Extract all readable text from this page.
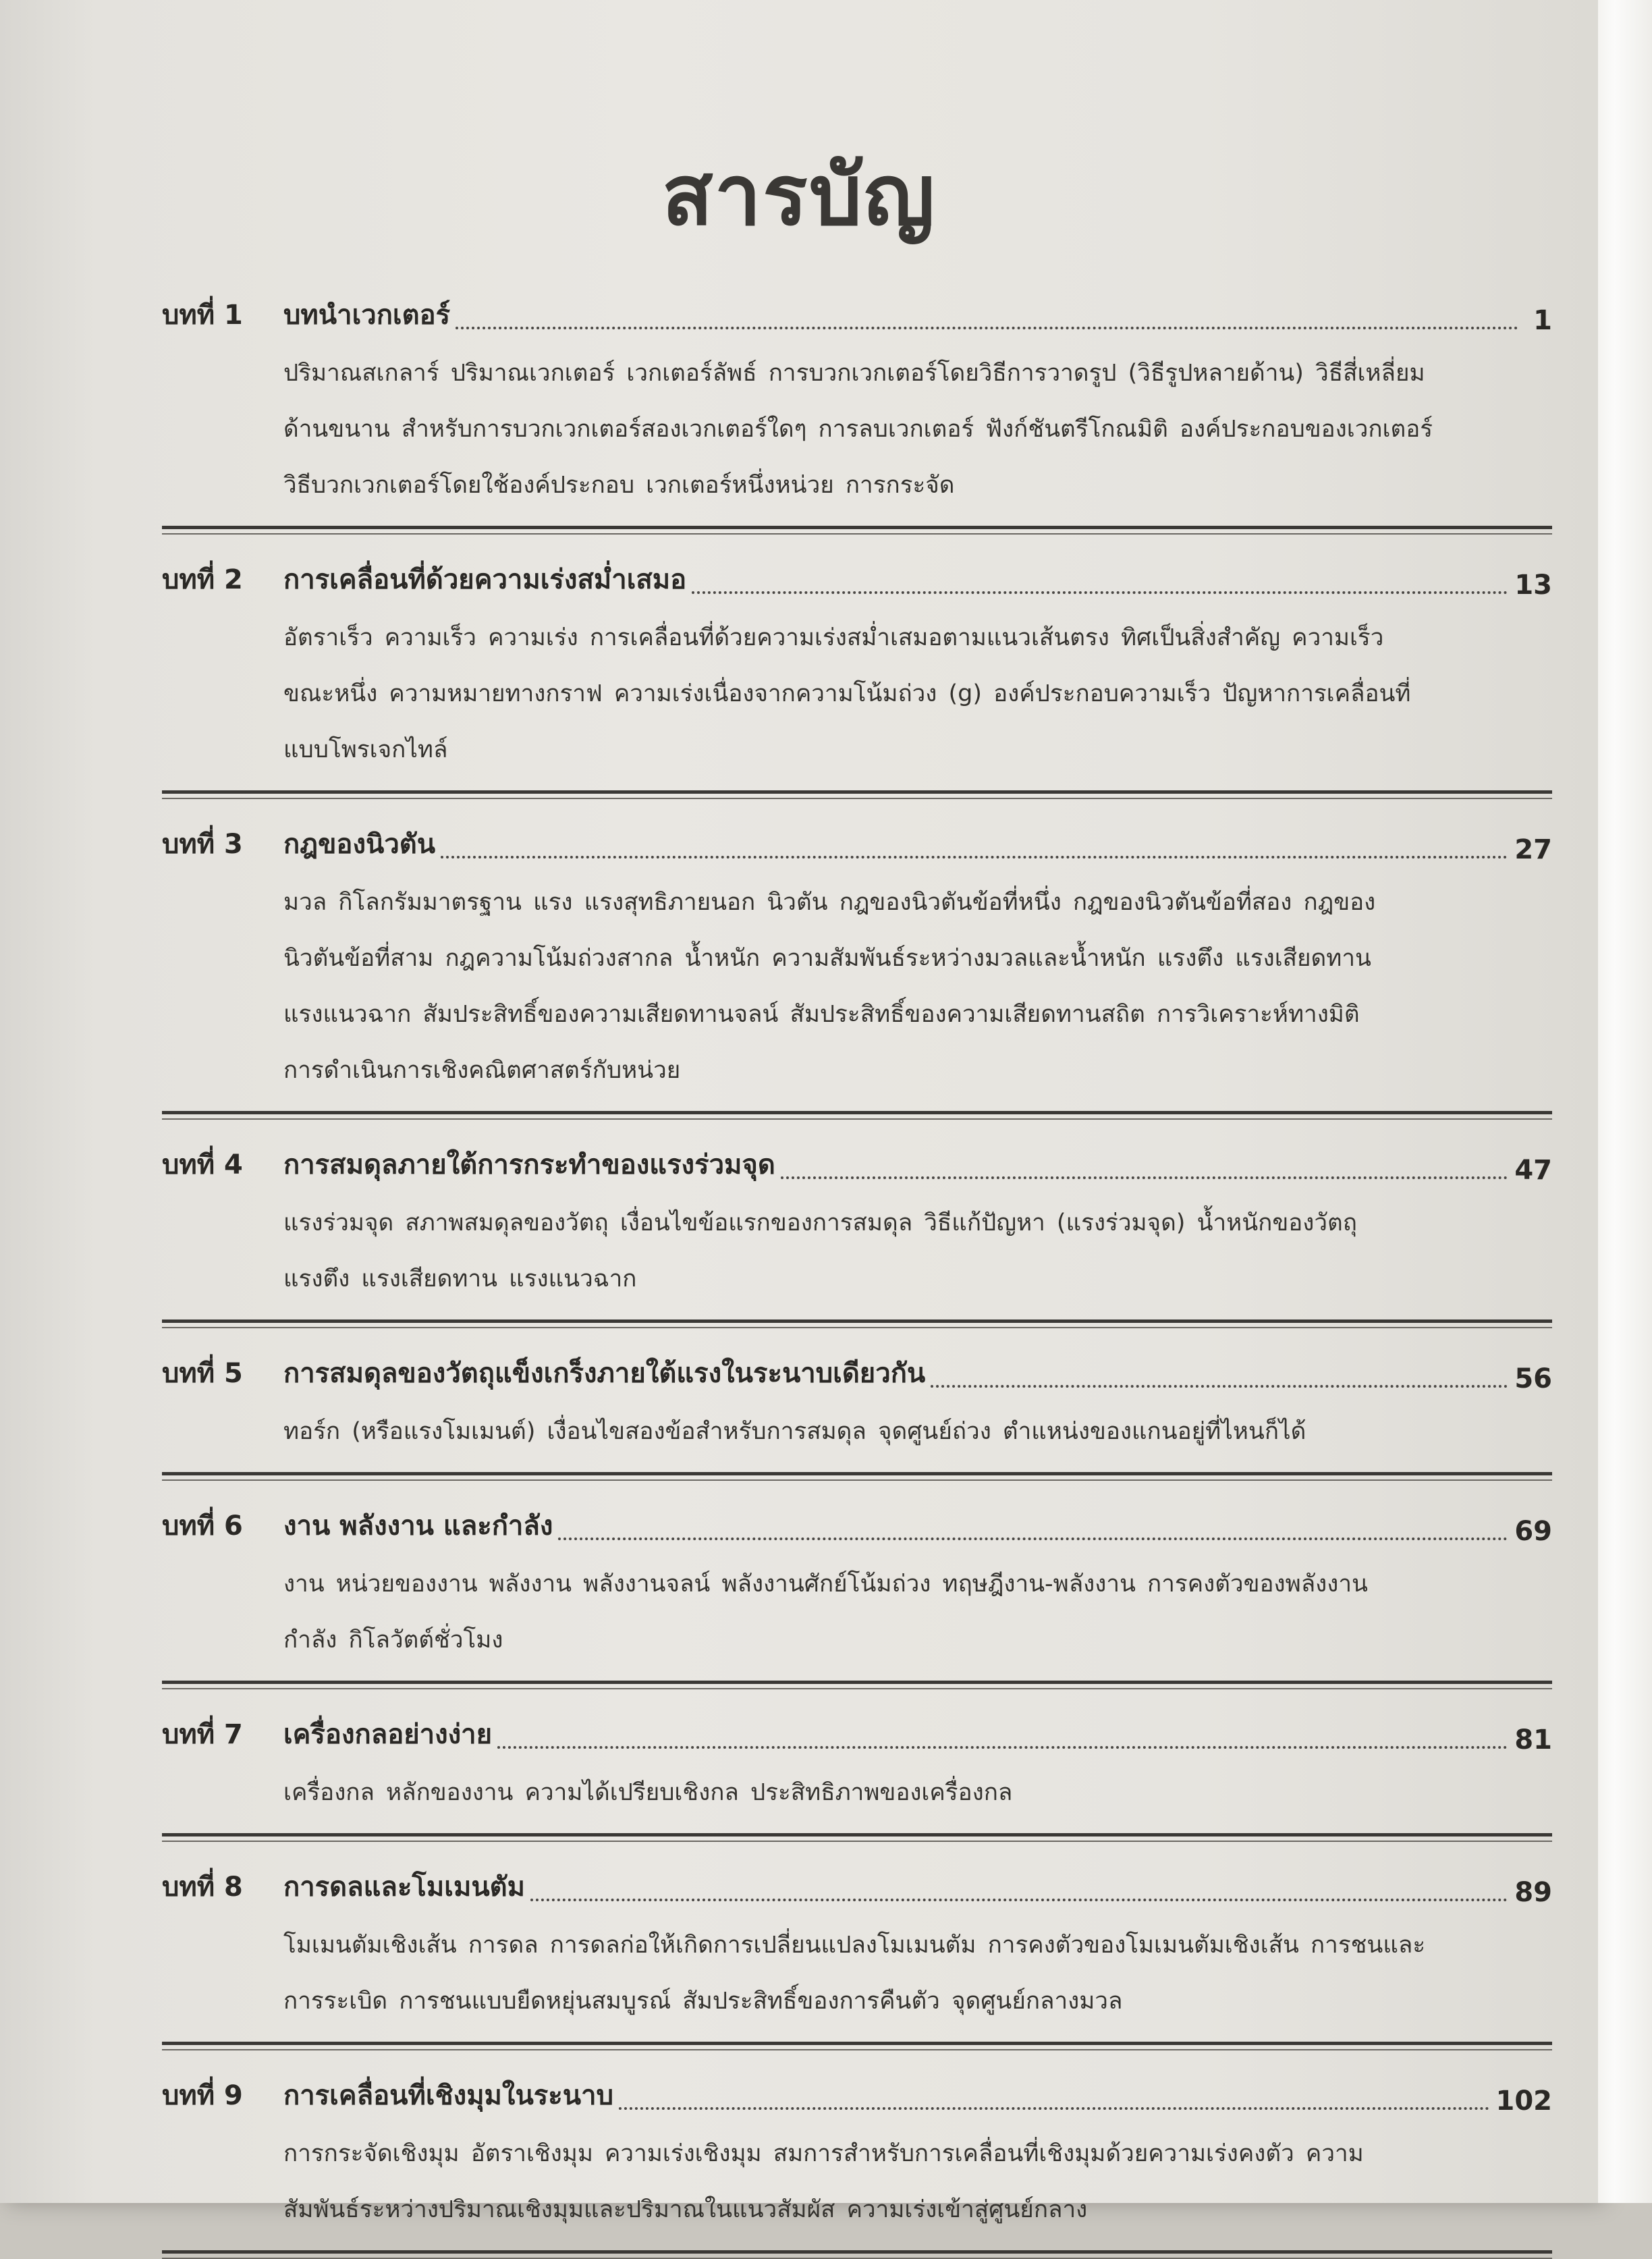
สารบัญ
บทที่ 1	บทนำเวกเตอร์	1
ปริมาณสเกลาร์ ปริมาณเวกเตอร์ เวกเตอร์ลัพธ์ การบวกเวกเตอร์โดยวิธีการวาดรูป (วิธีรูปหลายด้าน) วิธีสี่เหลี่ยม
ด้านขนาน สำหรับการบวกเวกเตอร์สองเวกเตอร์ใดๆ การลบเวกเตอร์ ฟังก์ชันตรีโกณมิติ องค์ประกอบของเวกเตอร์
วิธีบวกเวกเตอร์โดยใช้องค์ประกอบ เวกเตอร์หนึ่งหน่วย การกระจัด
บทที่ 2	การเคลื่อนที่ด้วยความเร่งสม่ำเสมอ	13
อัตราเร็ว ความเร็ว ความเร่ง การเคลื่อนที่ด้วยความเร่งสม่ำเสมอตามแนวเส้นตรง ทิศเป็นสิ่งสำคัญ ความเร็ว
ขณะหนึ่ง ความหมายทางกราฟ ความเร่งเนื่องจากความโน้มถ่วง (g) องค์ประกอบความเร็ว ปัญหาการเคลื่อนที่
แบบโพรเจกไทล์
บทที่ 3	กฎของนิวตัน	27
มวล กิโลกรัมมาตรฐาน แรง แรงสุทธิภายนอก นิวตัน กฎของนิวตันข้อที่หนึ่ง กฎของนิวตันข้อที่สอง กฎของ
นิวตันข้อที่สาม กฎความโน้มถ่วงสากล น้ำหนัก ความสัมพันธ์ระหว่างมวลและน้ำหนัก แรงตึง แรงเสียดทาน
แรงแนวฉาก สัมประสิทธิ์ของความเสียดทานจลน์ สัมประสิทธิ์ของความเสียดทานสถิต การวิเคราะห์ทางมิติ
การดำเนินการเชิงคณิตศาสตร์กับหน่วย
บทที่ 4	การสมดุลภายใต้การกระทำของแรงร่วมจุด	47
แรงร่วมจุด สภาพสมดุลของวัตถุ เงื่อนไขข้อแรกของการสมดุล วิธีแก้ปัญหา (แรงร่วมจุด) น้ำหนักของวัตถุ
แรงตึง แรงเสียดทาน แรงแนวฉาก
บทที่ 5	การสมดุลของวัตถุแข็งเกร็งภายใต้แรงในระนาบเดียวกัน	56
ทอร์ก (หรือแรงโมเมนต์) เงื่อนไขสองข้อสำหรับการสมดุล จุดศูนย์ถ่วง ตำแหน่งของแกนอยู่ที่ไหนก็ได้
บทที่ 6	งาน พลังงาน และกำลัง	69
งาน หน่วยของงาน พลังงาน พลังงานจลน์ พลังงานศักย์โน้มถ่วง ทฤษฎีงาน-พลังงาน การคงตัวของพลังงาน
กำลัง กิโลวัตต์ชั่วโมง
บทที่ 7	เครื่องกลอย่างง่าย	81
เครื่องกล หลักของงาน ความได้เปรียบเชิงกล ประสิทธิภาพของเครื่องกล
บทที่ 8	การดลและโมเมนตัม	89
โมเมนตัมเชิงเส้น การดล การดลก่อให้เกิดการเปลี่ยนแปลงโมเมนตัม การคงตัวของโมเมนตัมเชิงเส้น การชนและ
การระเบิด การชนแบบยืดหยุ่นสมบูรณ์ สัมประสิทธิ์ของการคืนตัว จุดศูนย์กลางมวล
บทที่ 9	การเคลื่อนที่เชิงมุมในระนาบ	102
การกระจัดเชิงมุม อัตราเชิงมุม ความเร่งเชิงมุม สมการสำหรับการเคลื่อนที่เชิงมุมด้วยความเร่งคงตัว ความ
สัมพันธ์ระหว่างปริมาณเชิงมุมและปริมาณในแนวสัมผัส ความเร่งเข้าสู่ศูนย์กลาง
